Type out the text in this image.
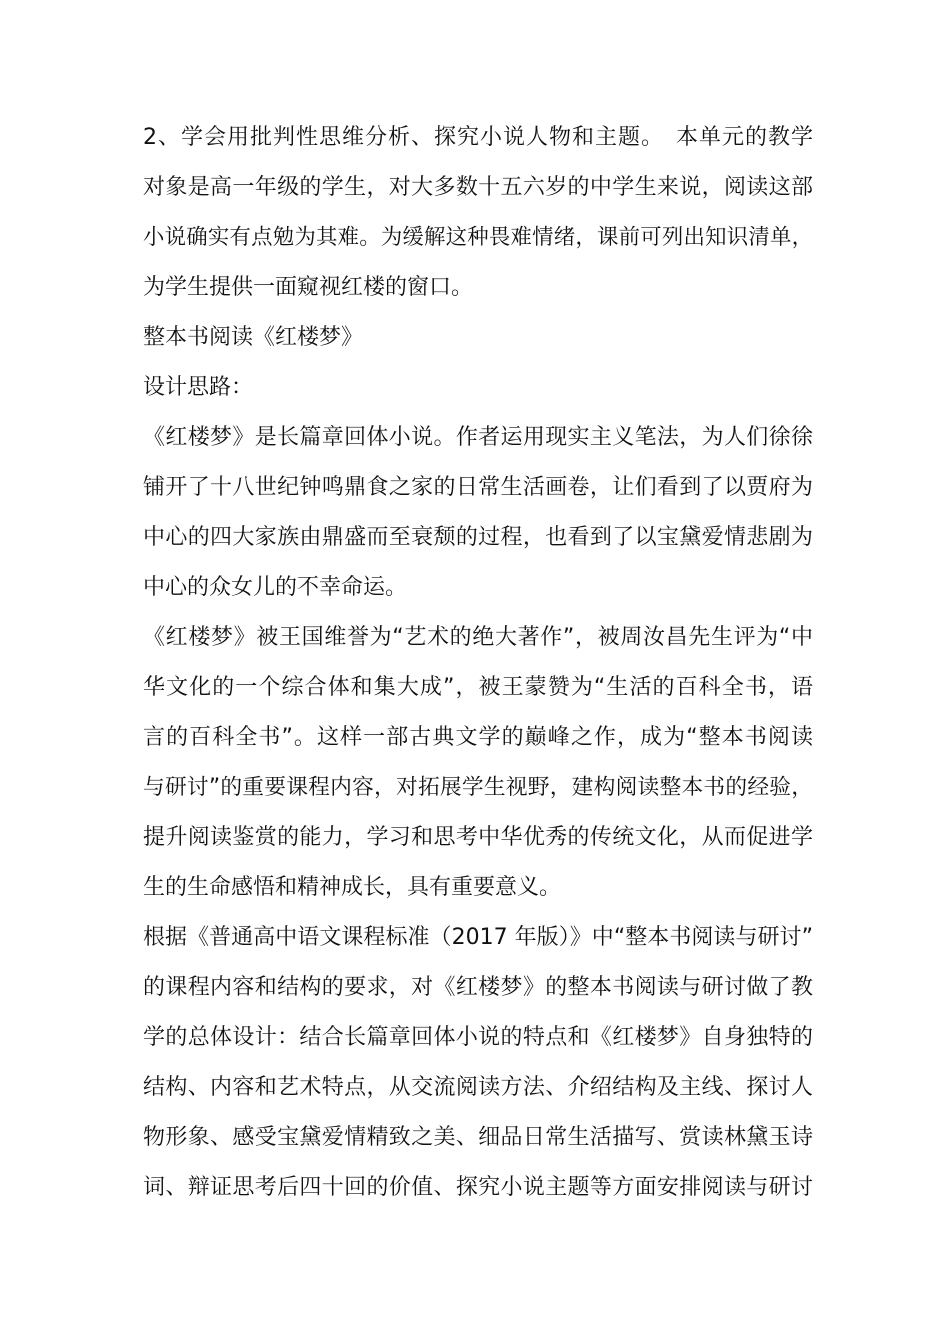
2、学会用批判性思维分析、探究小说人物和主题。　本单元的教学
对象是高一年级的学生，对大多数十五六岁的中学生来说，阅读这部
小说确实有点勉为其难。为缓解这种畏难情绪，课前可列出知识清单，
为学生提供一面窥视红楼的窗口。
整本书阅读《红楼梦》
设计思路：
《红楼梦》是长篇章回体小说。作者运用现实主义笔法，为人们徐徐
铺开了十八世纪钟鸣鼎食之家的日常生活画卷，让们看到了以贾府为
中心的四大家族由鼎盛而至衰颓的过程，也看到了以宝黛爱情悲剧为
中心的众女儿的不幸命运。
《红楼梦》被王国维誉为“艺术的绝大著作”，被周汝昌先生评为“中
华文化的一个综合体和集大成”，被王蒙赞为“生活的百科全书，语
言的百科全书”。这样一部古典文学的巅峰之作，成为“整本书阅读
与研讨”的重要课程内容，对拓展学生视野，建构阅读整本书的经验，
提升阅读鉴赏的能力，学习和思考中华优秀的传统文化，从而促进学
生的生命感悟和精神成长，具有重要意义。
根据《普通高中语文课程标准（2017 年版）》中“整本书阅读与研讨”
的课程内容和结构的要求，对《红楼梦》的整本书阅读与研讨做了教
学的总体设计：结合长篇章回体小说的特点和《红楼梦》自身独特的
结构、内容和艺术特点，从交流阅读方法、介绍结构及主线、探讨人
物形象、感受宝黛爱情精致之美、细品日常生活描写、赏读林黛玉诗
词、辩证思考后四十回的价值、探究小说主题等方面安排阅读与研讨
